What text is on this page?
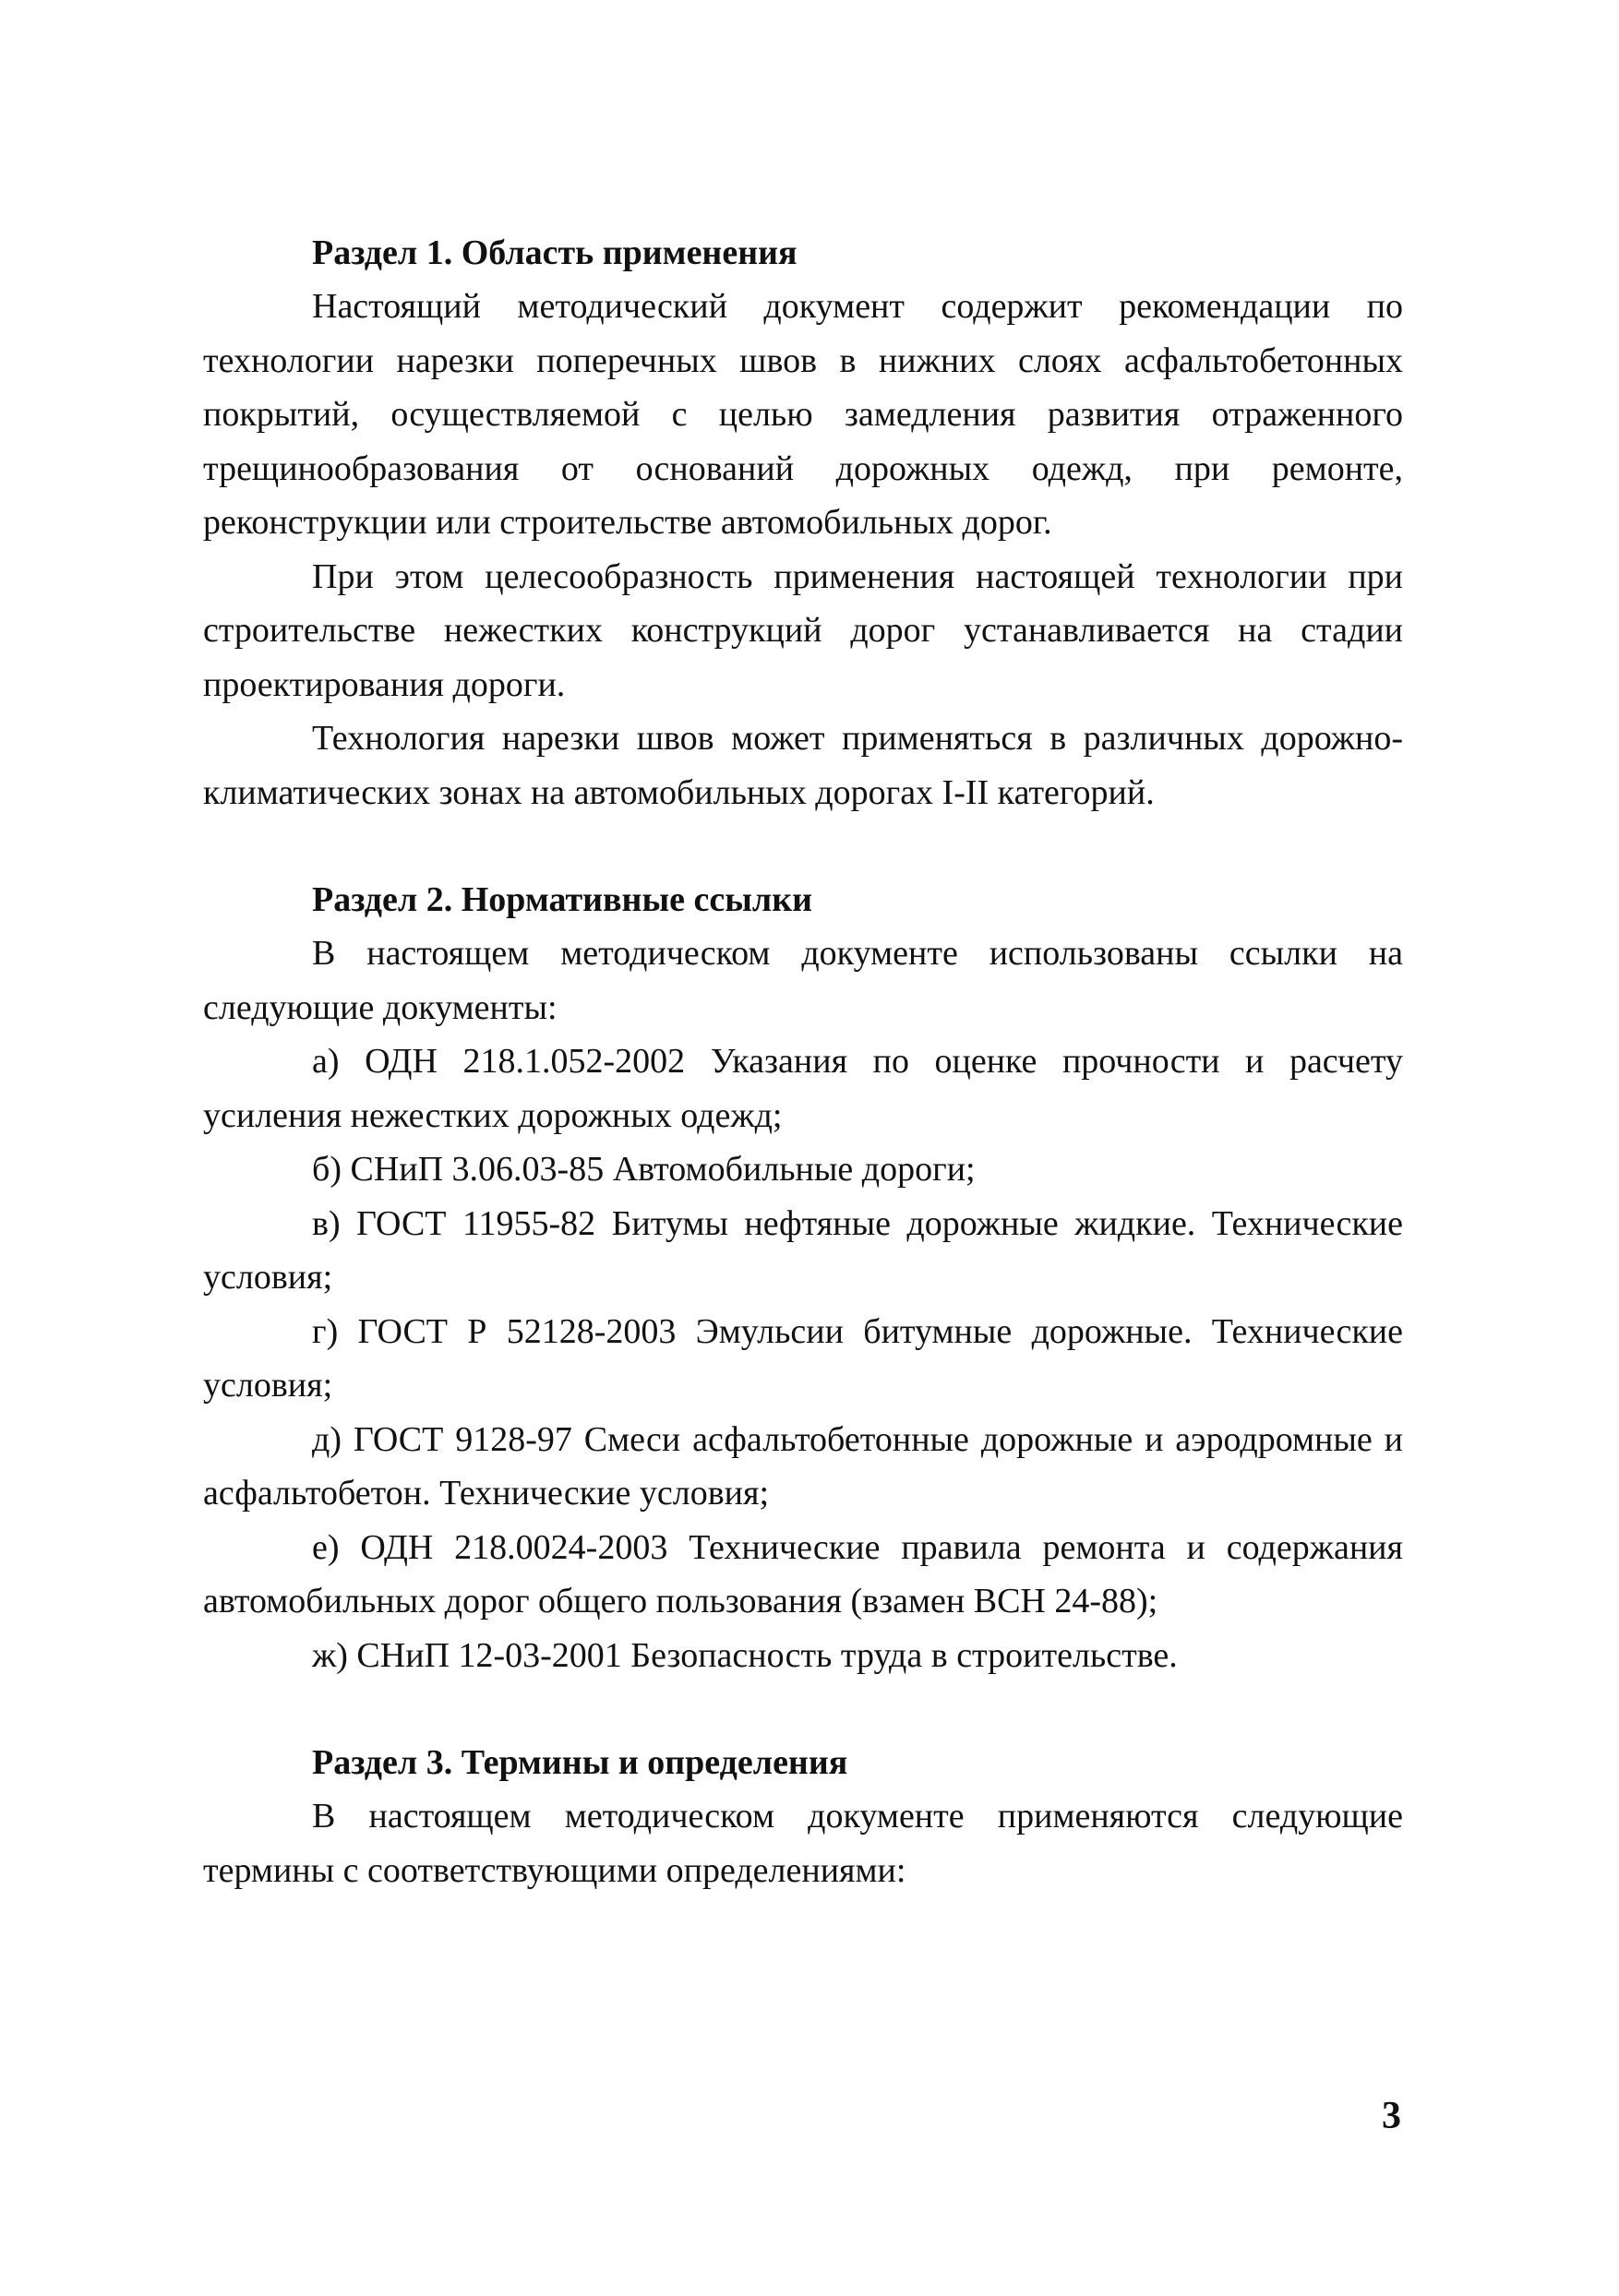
Раздел 1. Область применения

Настоящий методический документ содержит рекомендации по технологии нарезки поперечных швов в нижних слоях асфальтобетонных покрытий, осуществляемой с целью замедления развития отраженного трещинообразования от оснований дорожных одежд, при ремонте, реконструкции или строительстве автомобильных дорог.

При этом целесообразность применения настоящей технологии при строительстве нежестких конструкций дорог устанавливается на стадии проектирования дороги.

Технология нарезки швов может применяться в различных дорожно-климатических зонах на автомобильных дорогах I-II категорий.

Раздел 2. Нормативные ссылки

В настоящем методическом документе использованы ссылки на следующие документы:

а) ОДН 218.1.052-2002 Указания по оценке прочности и расчету усиления нежестких дорожных одежд;

б) СНиП 3.06.03-85 Автомобильные дороги;

в) ГОСТ 11955-82 Битумы нефтяные дорожные жидкие. Технические условия;

г) ГОСТ Р 52128-2003 Эмульсии битумные дорожные. Технические условия;

д) ГОСТ 9128-97 Смеси асфальтобетонные дорожные и аэродромные и асфальтобетон. Технические условия;

е) ОДН 218.0024-2003 Технические правила ремонта и содержания автомобильных дорог общего пользования (взамен ВСН 24-88);

ж) СНиП 12-03-2001 Безопасность труда в строительстве.

Раздел 3. Термины и определения

В настоящем методическом документе применяются следующие термины с соответствующими определениями:

3
